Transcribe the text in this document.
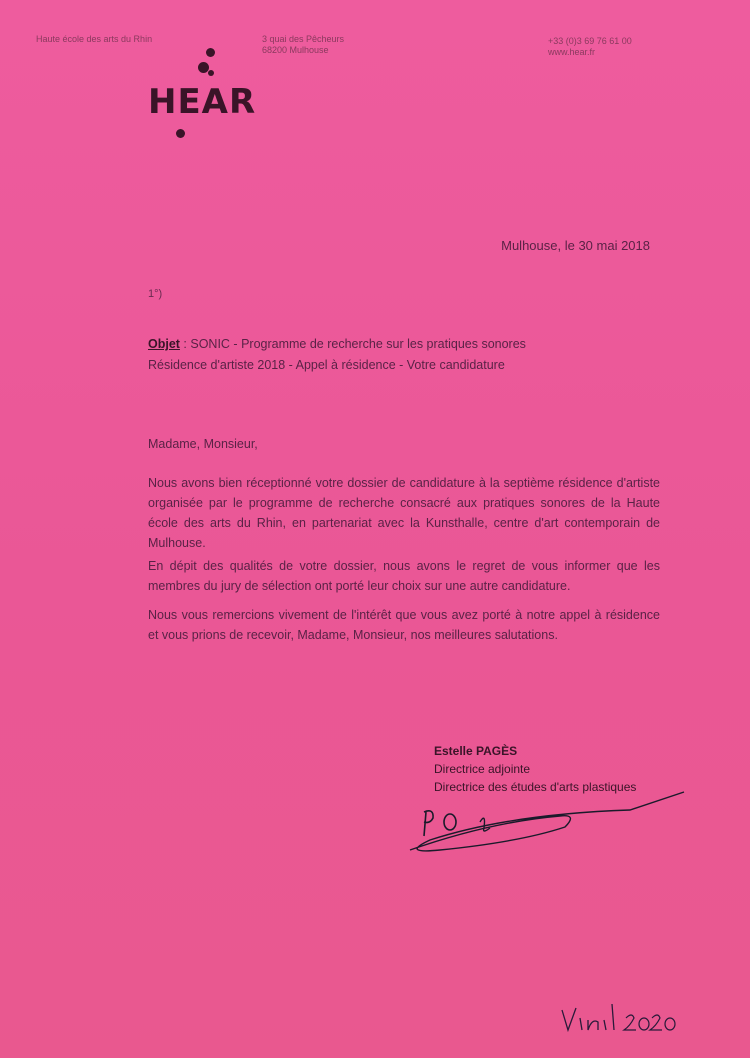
Haute école des arts du Rhin	3 quai des Pêcheurs
68200 Mulhouse
+33 (0)3 69 76 61 00
www.hear.fr
HEAR
Mulhouse, le 30 mai 2018
1°)
Objet : SONIC - Programme de recherche sur les pratiques sonores
Résidence d'artiste 2018 - Appel à résidence - Votre candidature
Madame, Monsieur,
Nous avons bien réceptionné votre dossier de candidature à la septième résidence d'artiste organisée par le programme de recherche consacré aux pratiques sonores de la Haute école des arts du Rhin, en partenariat avec la Kunsthalle, centre d'art contemporain de Mulhouse.
En dépit des qualités de votre dossier, nous avons le regret de vous informer que les membres du jury de sélection ont porté leur choix sur une autre candidature.
Nous vous remercions vivement de l'intérêt que vous avez porté à notre appel à résidence et vous prions de recevoir, Madame, Monsieur, nos meilleures salutations.
Estelle PAGÈS
Directrice adjointe
Directrice des études d'arts plastiques
